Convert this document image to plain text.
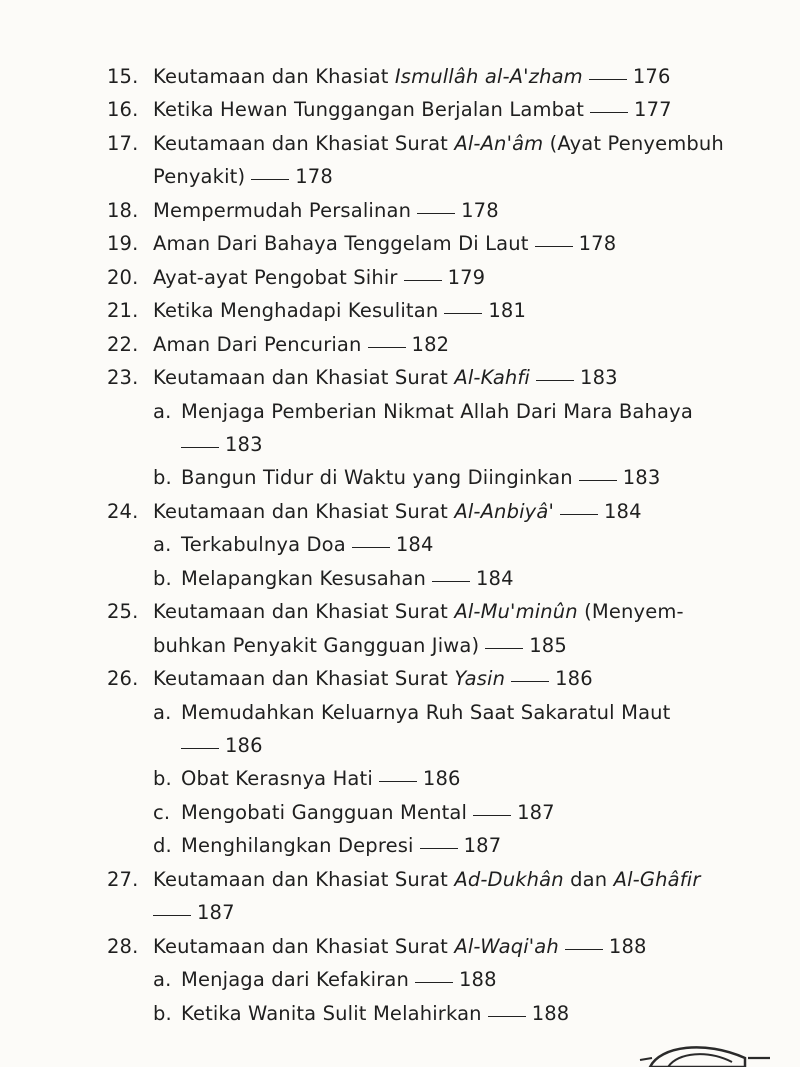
15. Keutamaan dan Khasiat Ismullâh al-A'zham	176
16. Ketika Hewan Tunggangan Berjalan Lambat	177
17. Keutamaan dan Khasiat Surat Al-An'âm (Ayat Penyembuh
Penyakit)	178
18. Mempermudah Persalinan	178
19. Aman Dari Bahaya Tenggelam Di Laut	178
20. Ayat-ayat Pengobat Sihir	179
21. Ketika Menghadapi Kesulitan	181
22. Aman Dari Pencurian	182
23. Keutamaan dan Khasiat Surat Al-Kahfi	183
a. Menjaga Pemberian Nikmat Allah Dari Mara Bahaya
183
b. Bangun Tidur di Waktu yang Diinginkan	183
24. Keutamaan dan Khasiat Surat Al-Anbiyâ'	184
a. Terkabulnya Doa	184
b. Melapangkan Kesusahan	184
25. Keutamaan dan Khasiat Surat Al-Mu'minûn (Menyem-
buhkan Penyakit Gangguan Jiwa)	185
26. Keutamaan dan Khasiat Surat Yasin	186
a. Memudahkan Keluarnya Ruh Saat Sakaratul Maut
186
b. Obat Kerasnya Hati	186
c. Mengobati Gangguan Mental	187
d. Menghilangkan Depresi	187
27. Keutamaan dan Khasiat Surat Ad-Dukhân dan Al-Ghâfir
187
28. Keutamaan dan Khasiat Surat Al-Waqi'ah	188
a. Menjaga dari Kefakiran	188
b. Ketika Wanita Sulit Melahirkan	188
